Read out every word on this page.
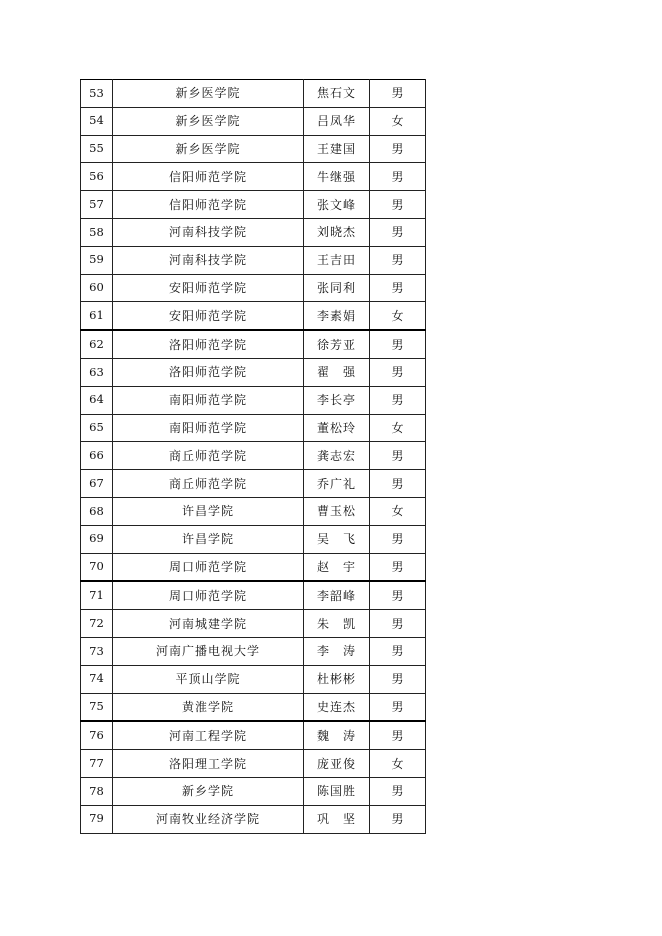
53	新乡医学院	焦石文	男
54	新乡医学院	吕凤华	女
55	新乡医学院	王建国	男
56	信阳师范学院	牛继强	男
57	信阳师范学院	张文峰	男
58	河南科技学院	刘晓杰	男
59	河南科技学院	王吉田	男
60	安阳师范学院	张同利	男
61	安阳师范学院	李素娟	女
62	洛阳师范学院	徐芳亚	男
63	洛阳师范学院	翟　强	男
64	南阳师范学院	李长亭	男
65	南阳师范学院	董松玲	女
66	商丘师范学院	龚志宏	男
67	商丘师范学院	乔广礼	男
68	许昌学院	曹玉松	女
69	许昌学院	吴　飞	男
70	周口师范学院	赵　宇	男
71	周口师范学院	李韶峰	男
72	河南城建学院	朱　凯	男
73	河南广播电视大学	李　涛	男
74	平顶山学院	杜彬彬	男
75	黄淮学院	史连杰	男
76	河南工程学院	魏　涛	男
77	洛阳理工学院	庞亚俊	女
78	新乡学院	陈国胜	男
79	河南牧业经济学院	巩　坚	男
